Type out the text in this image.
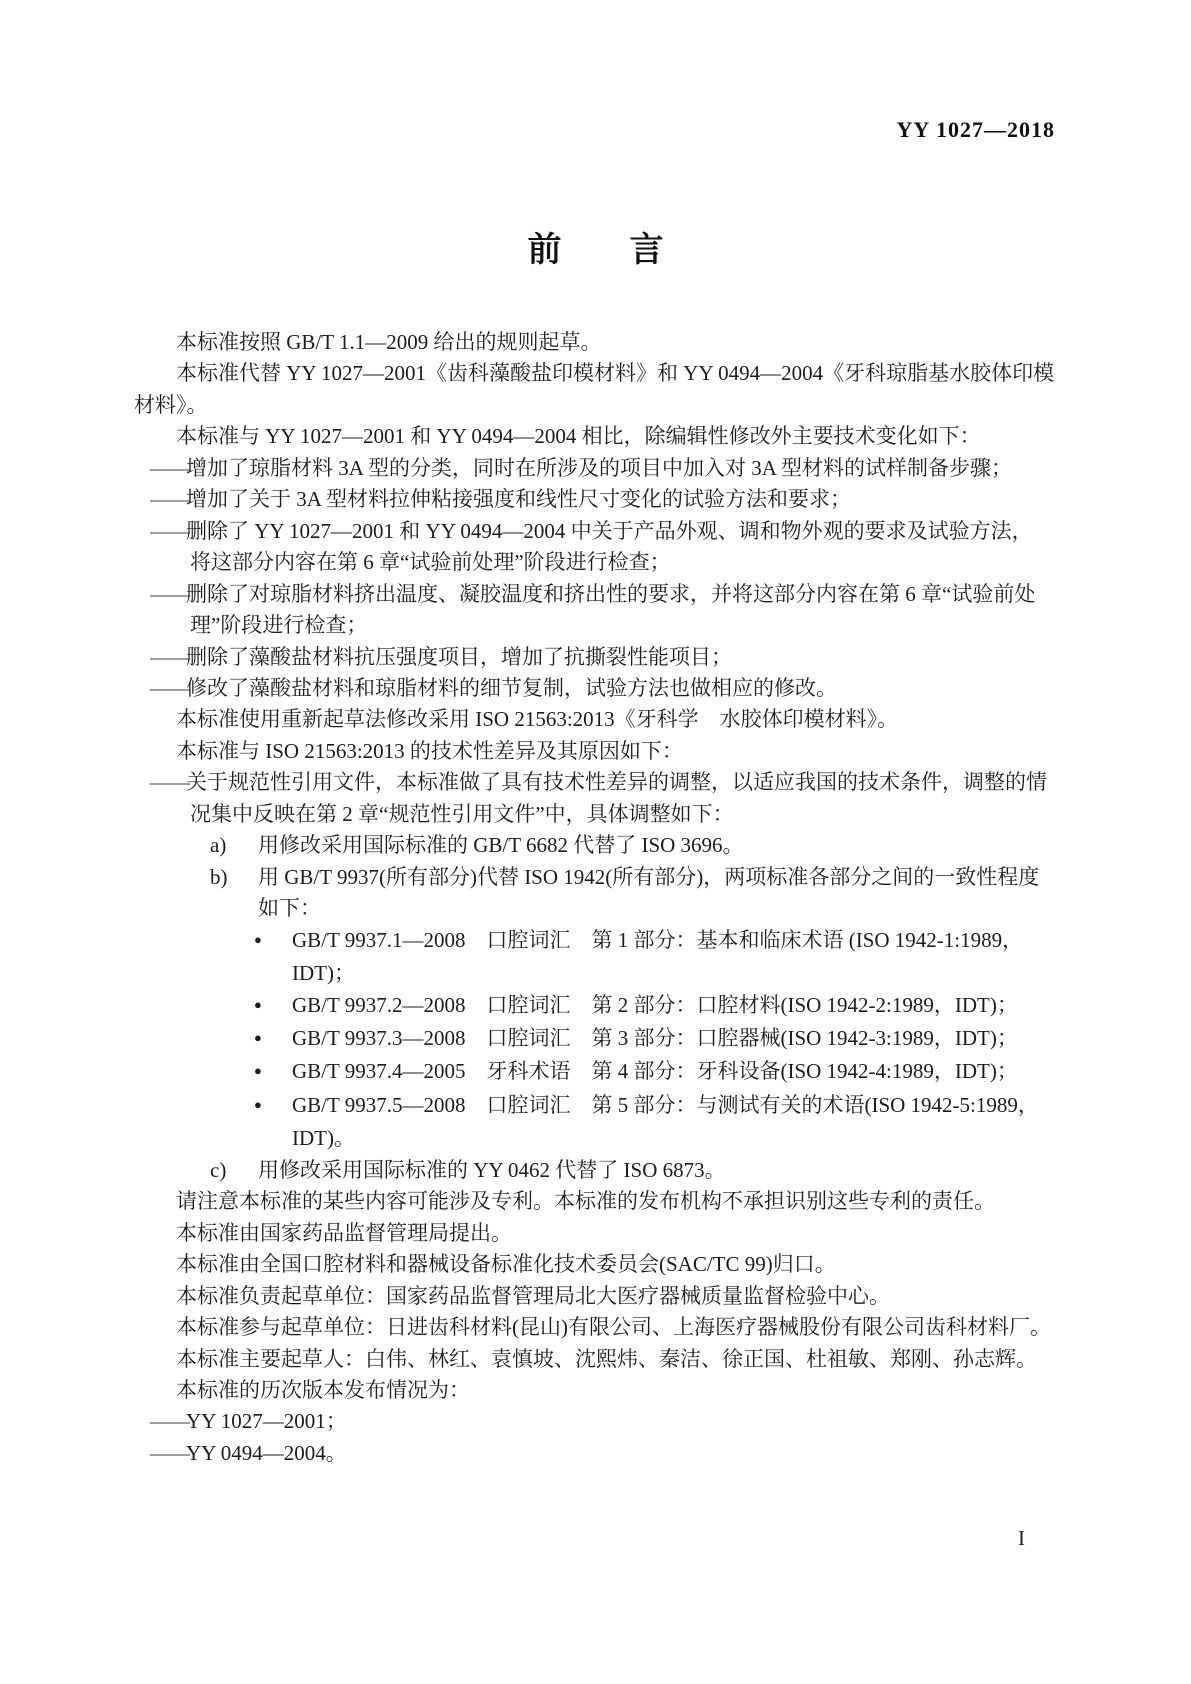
YY 1027—2018
前　　言
本标准按照 GB/T 1.1—2009 给出的规则起草。
本标准代替 YY 1027—2001《齿科藻酸盐印模材料》和 YY 0494—2004《牙科琼脂基水胶体印模
材料》。
本标准与 YY 1027—2001 和 YY 0494—2004 相比，除编辑性修改外主要技术变化如下：
——增加了琼脂材料 3A 型的分类，同时在所涉及的项目中加入对 3A 型材料的试样制备步骤；
——增加了关于 3A 型材料拉伸粘接强度和线性尺寸变化的试验方法和要求；
——删除了 YY 1027—2001 和 YY 0494—2004 中关于产品外观、调和物外观的要求及试验方法，
将这部分内容在第 6 章“试验前处理”阶段进行检查；
——删除了对琼脂材料挤出温度、凝胶温度和挤出性的要求，并将这部分内容在第 6 章“试验前处
理”阶段进行检查；
——删除了藻酸盐材料抗压强度项目，增加了抗撕裂性能项目；
——修改了藻酸盐材料和琼脂材料的细节复制，试验方法也做相应的修改。
本标准使用重新起草法修改采用 ISO 21563:2013《牙科学　水胶体印模材料》。
本标准与 ISO 21563:2013 的技术性差异及其原因如下：
——关于规范性引用文件，本标准做了具有技术性差异的调整，以适应我国的技术条件，调整的情
况集中反映在第 2 章“规范性引用文件”中，具体调整如下：
a) 用修改采用国际标准的 GB/T 6682 代替了 ISO 3696。
b) 用 GB/T 9937(所有部分)代替 ISO 1942(所有部分)，两项标准各部分之间的一致性程度
如下：
● GB/T 9937.1—2008　口腔词汇　第 1 部分：基本和临床术语 (ISO 1942-1:1989，
IDT)；
● GB/T 9937.2—2008　口腔词汇　第 2 部分：口腔材料(ISO 1942-2:1989，IDT)；
● GB/T 9937.3—2008　口腔词汇　第 3 部分：口腔器械(ISO 1942-3:1989，IDT)；
● GB/T 9937.4—2005　牙科术语　第 4 部分：牙科设备(ISO 1942-4:1989，IDT)；
● GB/T 9937.5—2008　口腔词汇　第 5 部分：与测试有关的术语(ISO 1942-5:1989，
IDT)。
c) 用修改采用国际标准的 YY 0462 代替了 ISO 6873。
请注意本标准的某些内容可能涉及专利。本标准的发布机构不承担识别这些专利的责任。
本标准由国家药品监督管理局提出。
本标准由全国口腔材料和器械设备标准化技术委员会(SAC/TC 99)归口。
本标准负责起草单位：国家药品监督管理局北大医疗器械质量监督检验中心。
本标准参与起草单位：日进齿科材料(昆山)有限公司、上海医疗器械股份有限公司齿科材料厂。
本标准主要起草人：白伟、林红、袁慎坡、沈熙炜、秦洁、徐正国、杜祖敏、郑刚、孙志辉。
本标准的历次版本发布情况为：
——YY 1027—2001；
——YY 0494—2004。
I
